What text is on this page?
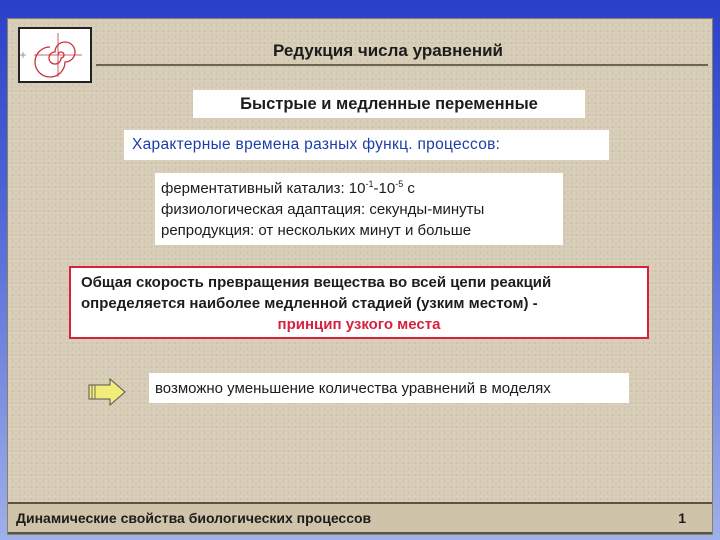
Редукция числа уравнений
Быстрые и медленные переменные
Характерные времена разных функц. процессов:
ферментативный катализ: $10^{-1}-10^{-5}$ с
физиологическая адаптация: секунды-минуты
репродукция: от нескольких минут и больше
Общая скорость превращения вещества во всей цепи реакций
определяется наиболее медленной стадией (узким местом) -
принцип узкого места
возможно уменьшение количества уравнений в моделях
Динамические свойства биологических процессов	1
